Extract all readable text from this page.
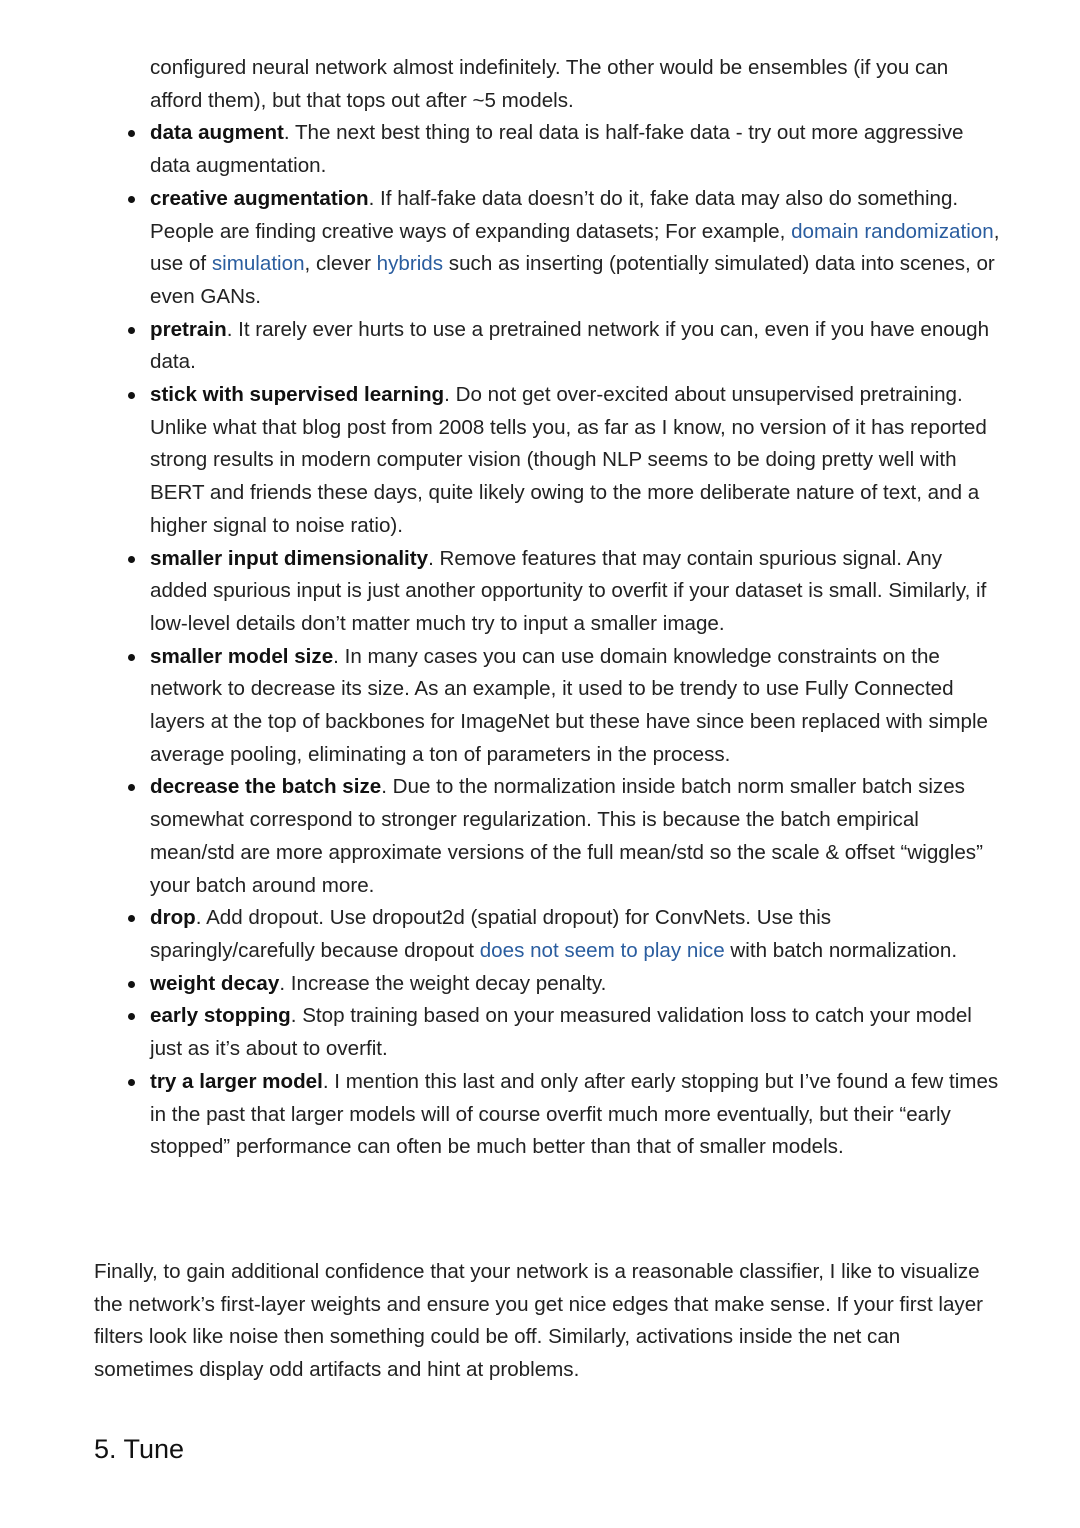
configured neural network almost indefinitely. The other would be ensembles (if you can afford them), but that tops out after ~5 models.
data augment. The next best thing to real data is half-fake data - try out more aggressive data augmentation.
creative augmentation. If half-fake data doesn’t do it, fake data may also do something. People are finding creative ways of expanding datasets; For example, domain randomization, use of simulation, clever hybrids such as inserting (potentially simulated) data into scenes, or even GANs.
pretrain. It rarely ever hurts to use a pretrained network if you can, even if you have enough data.
stick with supervised learning. Do not get over-excited about unsupervised pretraining. Unlike what that blog post from 2008 tells you, as far as I know, no version of it has reported strong results in modern computer vision (though NLP seems to be doing pretty well with BERT and friends these days, quite likely owing to the more deliberate nature of text, and a higher signal to noise ratio).
smaller input dimensionality. Remove features that may contain spurious signal. Any added spurious input is just another opportunity to overfit if your dataset is small. Similarly, if low-level details don’t matter much try to input a smaller image.
smaller model size. In many cases you can use domain knowledge constraints on the network to decrease its size. As an example, it used to be trendy to use Fully Connected layers at the top of backbones for ImageNet but these have since been replaced with simple average pooling, eliminating a ton of parameters in the process.
decrease the batch size. Due to the normalization inside batch norm smaller batch sizes somewhat correspond to stronger regularization. This is because the batch empirical mean/std are more approximate versions of the full mean/std so the scale & offset “wiggles” your batch around more.
drop. Add dropout. Use dropout2d (spatial dropout) for ConvNets. Use this sparingly/carefully because dropout does not seem to play nice with batch normalization.
weight decay. Increase the weight decay penalty.
early stopping. Stop training based on your measured validation loss to catch your model just as it’s about to overfit.
try a larger model. I mention this last and only after early stopping but I’ve found a few times in the past that larger models will of course overfit much more eventually, but their “early stopped” performance can often be much better than that of smaller models.

Finally, to gain additional confidence that your network is a reasonable classifier, I like to visualize the network’s first-layer weights and ensure you get nice edges that make sense. If your first layer filters look like noise then something could be off. Similarly, activations inside the net can sometimes display odd artifacts and hint at problems.

5. Tune
